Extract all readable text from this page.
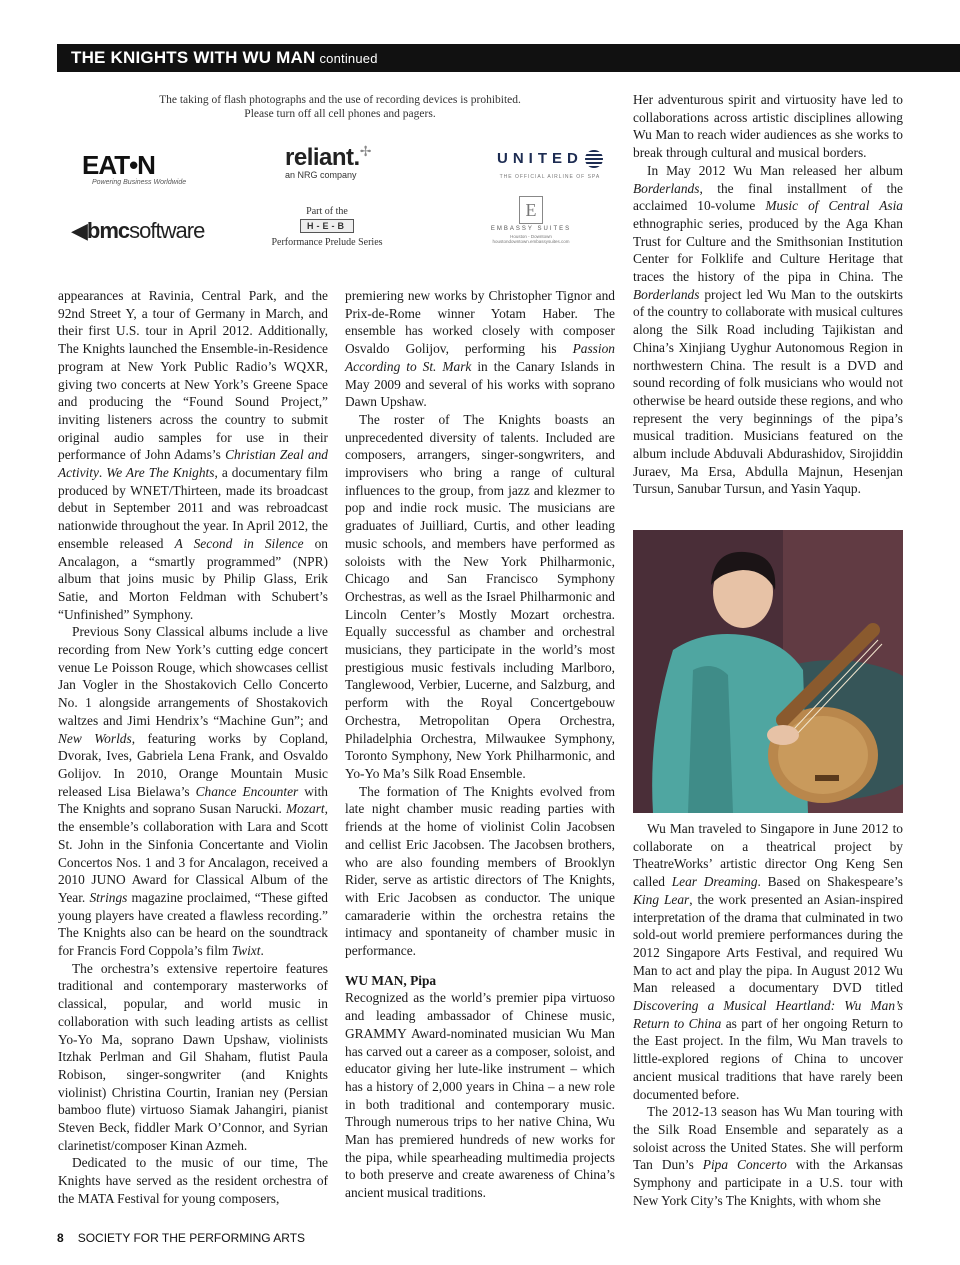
THE KNIGHTS WITH WU MAN continued
The taking of flash photographs and the use of recording devices is prohibited.
Please turn off all cell phones and pagers.
EAT•N
Powering Business Worldwide
reliant.✢
an NRG company
UNITED
THE OFFICIAL AIRLINE OF SPA
◀bmcsoftware
Part of the
H-E-B
Performance Prelude Series
E
EMBASSY SUITES
Houston - Downtown houstondowntown.embassysuites.com

appearances at Ravinia, Central Park, and the 92nd Street Y, a tour of Germany in March, and their first U.S. tour in April 2012. Additionally, The Knights launched the Ensemble-in-Residence program at New York Public Radio’s WQXR, giving two concerts at New York’s Greene Space and producing the “Found Sound Project,” inviting listeners across the country to submit original audio samples for use in their performance of John Adams’s Christian Zeal and Activity. We Are The Knights, a documentary film produced by WNET/Thirteen, made its broadcast debut in September 2011 and was rebroadcast nationwide throughout the year. In April 2012, the ensemble released A Second in Silence on Ancalagon, a “smartly programmed” (NPR) album that joins music by Philip Glass, Erik Satie, and Morton Feldman with Schubert’s “Unfinished” Symphony.

Previous Sony Classical albums include a live recording from New York’s cutting edge concert venue Le Poisson Rouge, which showcases cellist Jan Vogler in the Shostakovich Cello Concerto No. 1 alongside arrangements of Shostakovich waltzes and Jimi Hendrix’s “Machine Gun”; and New Worlds, featuring works by Copland, Dvorak, Ives, Gabriela Lena Frank, and Osvaldo Golijov. In 2010, Orange Mountain Music released Lisa Bielawa’s Chance Encounter with The Knights and soprano Susan Narucki. Mozart, the ensemble’s collaboration with Lara and Scott St. John in the Sinfonia Concertante and Violin Concertos Nos. 1 and 3 for Ancalagon, received a 2010 JUNO Award for Classical Album of the Year. Strings magazine proclaimed, “These gifted young players have created a flawless recording.” The Knights also can be heard on the soundtrack for Francis Ford Coppola’s film Twixt.

The orchestra’s extensive repertoire features traditional and contemporary masterworks of classical, popular, and world music in collaboration with such leading artists as cellist Yo-Yo Ma, soprano Dawn Upshaw, violinists Itzhak Perlman and Gil Shaham, flutist Paula Robison, singer-songwriter (and Knights violinist) Christina Courtin, Iranian ney (Persian bamboo flute) virtuoso Siamak Jahangiri, pianist Steven Beck, fiddler Mark O’Connor, and Syrian clarinetist/composer Kinan Azmeh.

Dedicated to the music of our time, The Knights have served as the resident orchestra of the MATA Festival for young composers,

premiering new works by Christopher Tignor and Prix-de-Rome winner Yotam Haber. The ensemble has worked closely with composer Osvaldo Golijov, performing his Passion According to St. Mark in the Canary Islands in May 2009 and several of his works with soprano Dawn Upshaw.

The roster of The Knights boasts an unprecedented diversity of talents. Included are composers, arrangers, singer-songwriters, and improvisers who bring a range of cultural influences to the group, from jazz and klezmer to pop and indie rock music. The musicians are graduates of Juilliard, Curtis, and other leading music schools, and members have performed as soloists with the New York Philharmonic, Chicago and San Francisco Symphony Orchestras, as well as the Israel Philharmonic and Lincoln Center’s Mostly Mozart orchestra. Equally successful as chamber and orchestral musicians, they participate in the world’s most prestigious music festivals including Marlboro, Tanglewood, Verbier, Lucerne, and Salzburg, and perform with the Royal Concertgebouw Orchestra, Metropolitan Opera Orchestra, Philadelphia Orchestra, Milwaukee Symphony, Toronto Symphony, New York Philharmonic, and Yo-Yo Ma’s Silk Road Ensemble.

The formation of The Knights evolved from late night chamber music reading parties with friends at the home of violinist Colin Jacobsen and cellist Eric Jacobsen. The Jacobsen brothers, who are also founding members of Brooklyn Rider, serve as artistic directors of The Knights, with Eric Jacobsen as conductor. The unique camaraderie within the orchestra retains the intimacy and spontaneity of chamber music in performance.

WU MAN, Pipa

Recognized as the world’s premier pipa virtuoso and leading ambassador of Chinese music, GRAMMY Award-nominated musician Wu Man has carved out a career as a composer, soloist, and educator giving her lute-like instrument – which has a history of 2,000 years in China – a new role in both traditional and contemporary music. Through numerous trips to her native China, Wu Man has premiered hundreds of new works for the pipa, while spearheading multimedia projects to both preserve and create awareness of China’s ancient musical traditions.

Her adventurous spirit and virtuosity have led to collaborations across artistic disciplines allowing Wu Man to reach wider audiences as she works to break through cultural and musical borders.

In May 2012 Wu Man released her album Borderlands, the final installment of the acclaimed 10-volume Music of Central Asia ethnographic series, produced by the Aga Khan Trust for Culture and the Smithsonian Institution Center for Folklife and Culture Heritage that traces the history of the pipa in China. The Borderlands project led Wu Man to the outskirts of the country to collaborate with musical cultures along the Silk Road including Tajikistan and China’s Xinjiang Uyghur Autonomous Region in northwestern China. The result is a DVD and sound recording of folk musicians who would not otherwise be heard outside these regions, and who represent the very beginnings of the pipa’s musical tradition. Musicians featured on the album include Abduvali Abdurashidov, Sirojiddin Juraev, Ma Ersa, Abdulla Majnun, Hesenjan Tursun, Sanubar Tursun, and Yasin Yaqup.

Wu Man traveled to Singapore in June 2012 to collaborate on a theatrical project by TheatreWorks’ artistic director Ong Keng Sen called Lear Dreaming. Based on Shakespeare’s King Lear, the work presented an Asian-inspired interpretation of the drama that culminated in two sold-out world premiere performances during the 2012 Singapore Arts Festival, and required Wu Man to act and play the pipa. In August 2012 Wu Man released a documentary DVD titled Discovering a Musical Heartland: Wu Man’s Return to China as part of her ongoing Return to the East project. In the film, Wu Man travels to little-explored regions of China to uncover ancient musical traditions that have rarely been documented before.

The 2012-13 season has Wu Man touring with the Silk Road Ensemble and separately as a soloist across the United States. She will perform Tan Dun’s Pipa Concerto with the Arkansas Symphony and participate in a U.S. tour with New York City’s The Knights, with whom she

8 SOCIETY FOR THE PERFORMING ARTS
